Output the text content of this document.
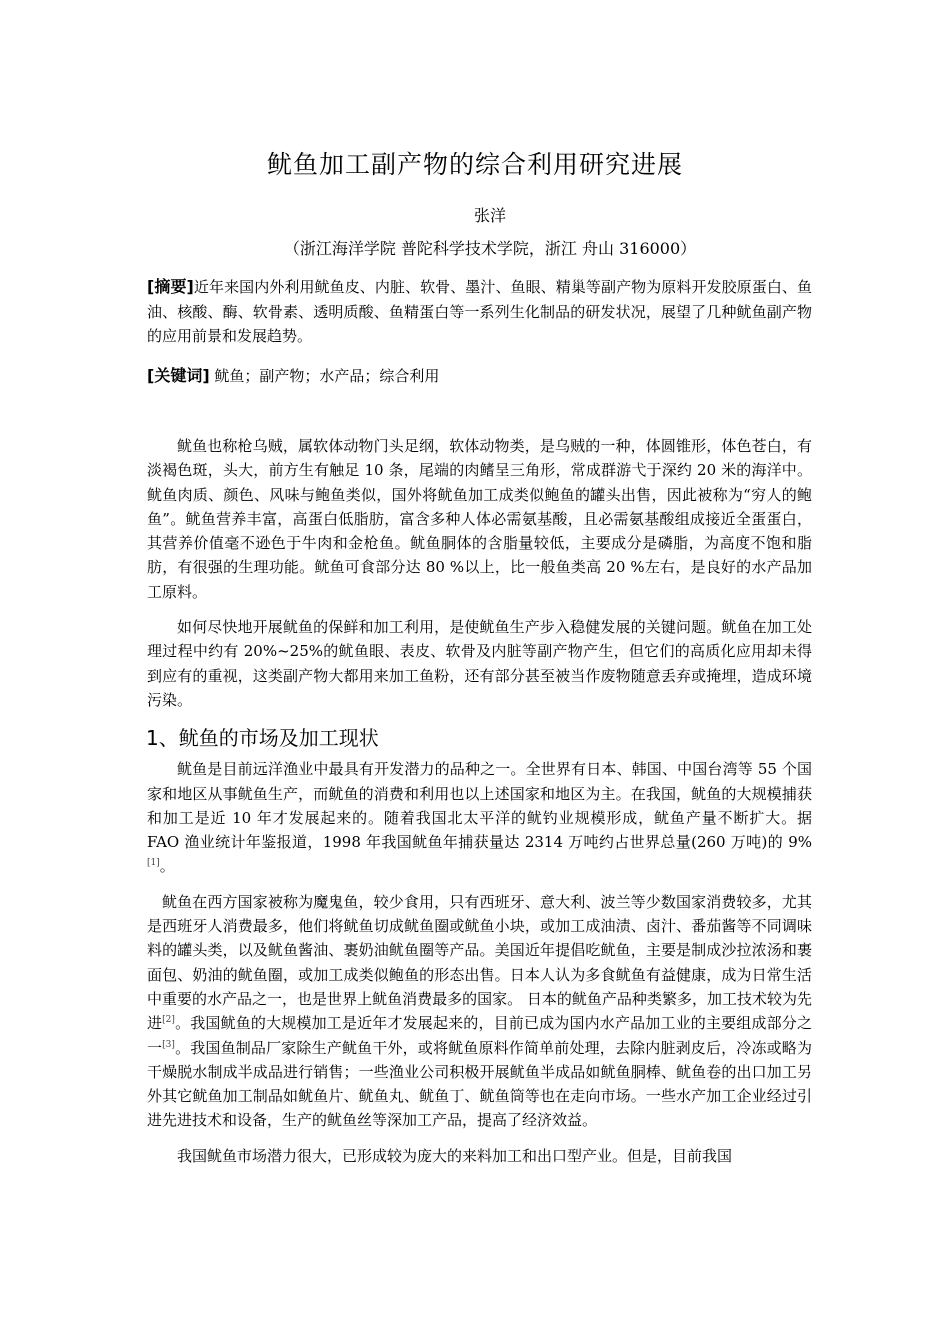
鱿鱼加工副产物的综合利用研究进展
张洋
（浙江海洋学院 普陀科学技术学院，浙江 舟山 316000）
[摘要]近年来国内外利用鱿鱼皮、内脏、软骨、墨汁、鱼眼、精巢等副产物为原料开发胶原蛋白、鱼油、核酸、酶、软骨素、透明质酸、鱼精蛋白等一系列生化制品的研发状况，展望了几种鱿鱼副产物的应用前景和发展趋势。
[关键词] 鱿鱼；副产物；水产品；综合利用

鱿鱼也称枪乌贼，属软体动物门头足纲，软体动物类，是乌贼的一种，体圆锥形，体色苍白，有淡褐色斑，头大，前方生有触足 10 条，尾端的肉鳍呈三角形，常成群游弋于深约 20 米的海洋中。鱿鱼肉质、颜色、风味与鲍鱼类似，国外将鱿鱼加工成类似鲍鱼的罐头出售，因此被称为“穷人的鲍鱼”。鱿鱼营养丰富，高蛋白低脂肪，富含多种人体必需氨基酸，且必需氨基酸组成接近全蛋蛋白，其营养价值毫不逊色于牛肉和金枪鱼。鱿鱼胴体的含脂量较低，主要成分是磷脂，为高度不饱和脂肪，有很强的生理功能。鱿鱼可食部分达 80 %以上，比一般鱼类高 20 %左右，是良好的水产品加工原料。

如何尽快地开展鱿鱼的保鲜和加工利用，是使鱿鱼生产步入稳健发展的关键问题。鱿鱼在加工处理过程中约有 20%~25%的鱿鱼眼、表皮、软骨及内脏等副产物产生，但它们的高质化应用却未得到应有的重视，这类副产物大都用来加工鱼粉，还有部分甚至被当作废物随意丢弃或掩埋，造成环境污染。

1、鱿鱼的市场及加工现状

鱿鱼是目前远洋渔业中最具有开发潜力的品种之一。全世界有日本、韩国、中国台湾等 55 个国家和地区从事鱿鱼生产，而鱿鱼的消费和利用也以上述国家和地区为主。在我国，鱿鱼的大规模捕获和加工是近 10 年才发展起来的。随着我国北太平洋的鱿钓业规模形成，鱿鱼产量不断扩大。据 FAO 渔业统计年鉴报道，1998 年我国鱿鱼年捕获量达 2314 万吨约占世界总量(260 万吨)的 9%[1]。

鱿鱼在西方国家被称为魔鬼鱼，较少食用，只有西班牙、意大利、波兰等少数国家消费较多，尤其是西班牙人消费最多，他们将鱿鱼切成鱿鱼圈或鱿鱼小块，或加工成油渍、卤汁、番茄酱等不同调味料的罐头类，以及鱿鱼酱油、裹奶油鱿鱼圈等产品。美国近年提倡吃鱿鱼，主要是制成沙拉浓汤和裹面包、奶油的鱿鱼圈，或加工成类似鲍鱼的形态出售。日本人认为多食鱿鱼有益健康，成为日常生活中重要的水产品之一，也是世界上鱿鱼消费最多的国家。 日本的鱿鱼产品种类繁多，加工技术较为先进[2]。我国鱿鱼的大规模加工是近年才发展起来的，目前已成为国内水产品加工业的主要组成部分之一[3]。我国鱼制品厂家除生产鱿鱼干外，或将鱿鱼原料作简单前处理，去除内脏剥皮后，冷冻或略为干燥脱水制成半成品进行销售；一些渔业公司积极开展鱿鱼半成品如鱿鱼胴棒、鱿鱼卷的出口加工另外其它鱿鱼加工制品如鱿鱼片、鱿鱼丸、鱿鱼丁、鱿鱼筒等也在走向市场。一些水产加工企业经过引进先进技术和设备，生产的鱿鱼丝等深加工产品，提高了经济效益。

我国鱿鱼市场潜力很大，已形成较为庞大的来料加工和出口型产业。但是，目前我国
